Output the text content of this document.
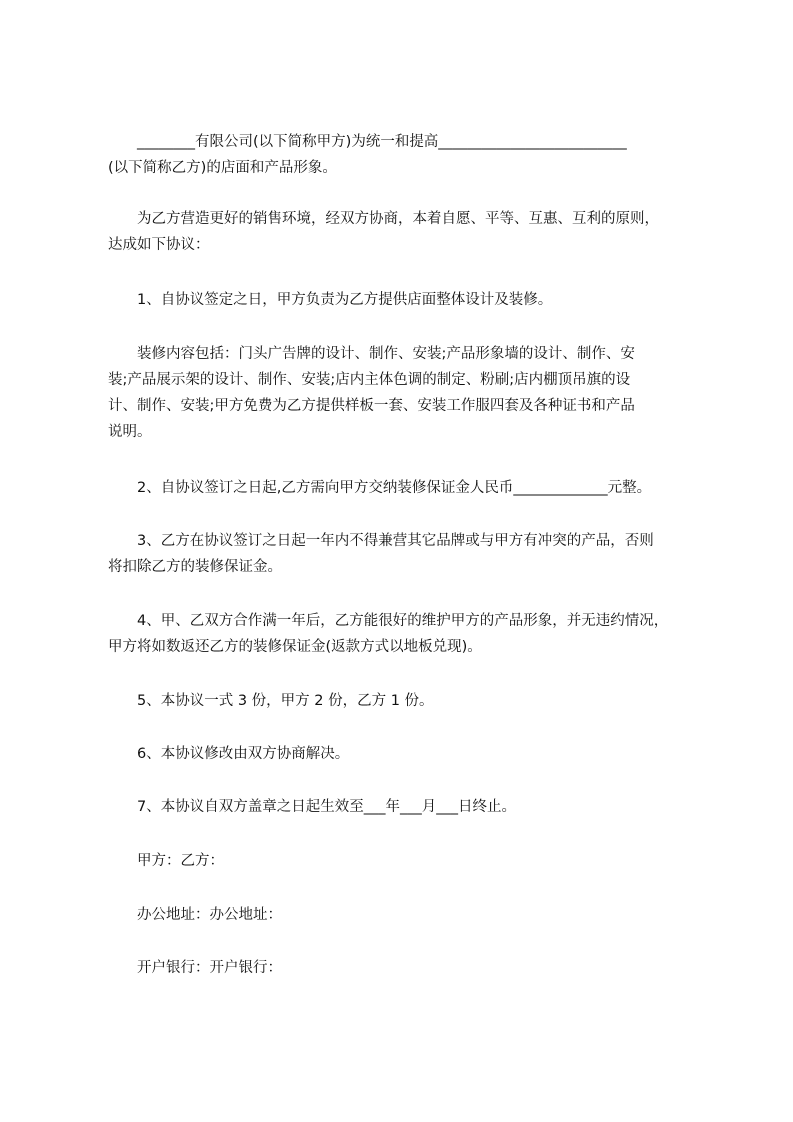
　　________有限公司(以下简称甲方)为统一和提高__________________________
(以下简称乙方)的店面和产品形象。
　　为乙方营造更好的销售环境，经双方协商，本着自愿、平等、互惠、互利的原则，
达成如下协议：
　　1、自协议签定之日，甲方负责为乙方提供店面整体设计及装修。
　　装修内容包括：门头广告牌的设计、制作、安装;产品形象墙的设计、制作、安
装;产品展示架的设计、制作、安装;店内主体色调的制定、粉刷;店内棚顶吊旗的设
计、制作、安装;甲方免费为乙方提供样板一套、安装工作服四套及各种证书和产品
说明。
　　2、自协议签订之日起,乙方需向甲方交纳装修保证金人民币_____________元整。
　　3、乙方在协议签订之日起一年内不得兼营其它品牌或与甲方有冲突的产品，否则
将扣除乙方的装修保证金。
　　4、甲、乙双方合作满一年后，乙方能很好的维护甲方的产品形象，并无违约情况，
甲方将如数返还乙方的装修保证金(返款方式以地板兑现)。
　　5、本协议一式 3 份，甲方 2 份，乙方 1 份。
　　6、本协议修改由双方协商解决。
　　7、本协议自双方盖章之日起生效至___年___月___日终止。
　　甲方：乙方：
　　办公地址：办公地址：
　　开户银行：开户银行：
